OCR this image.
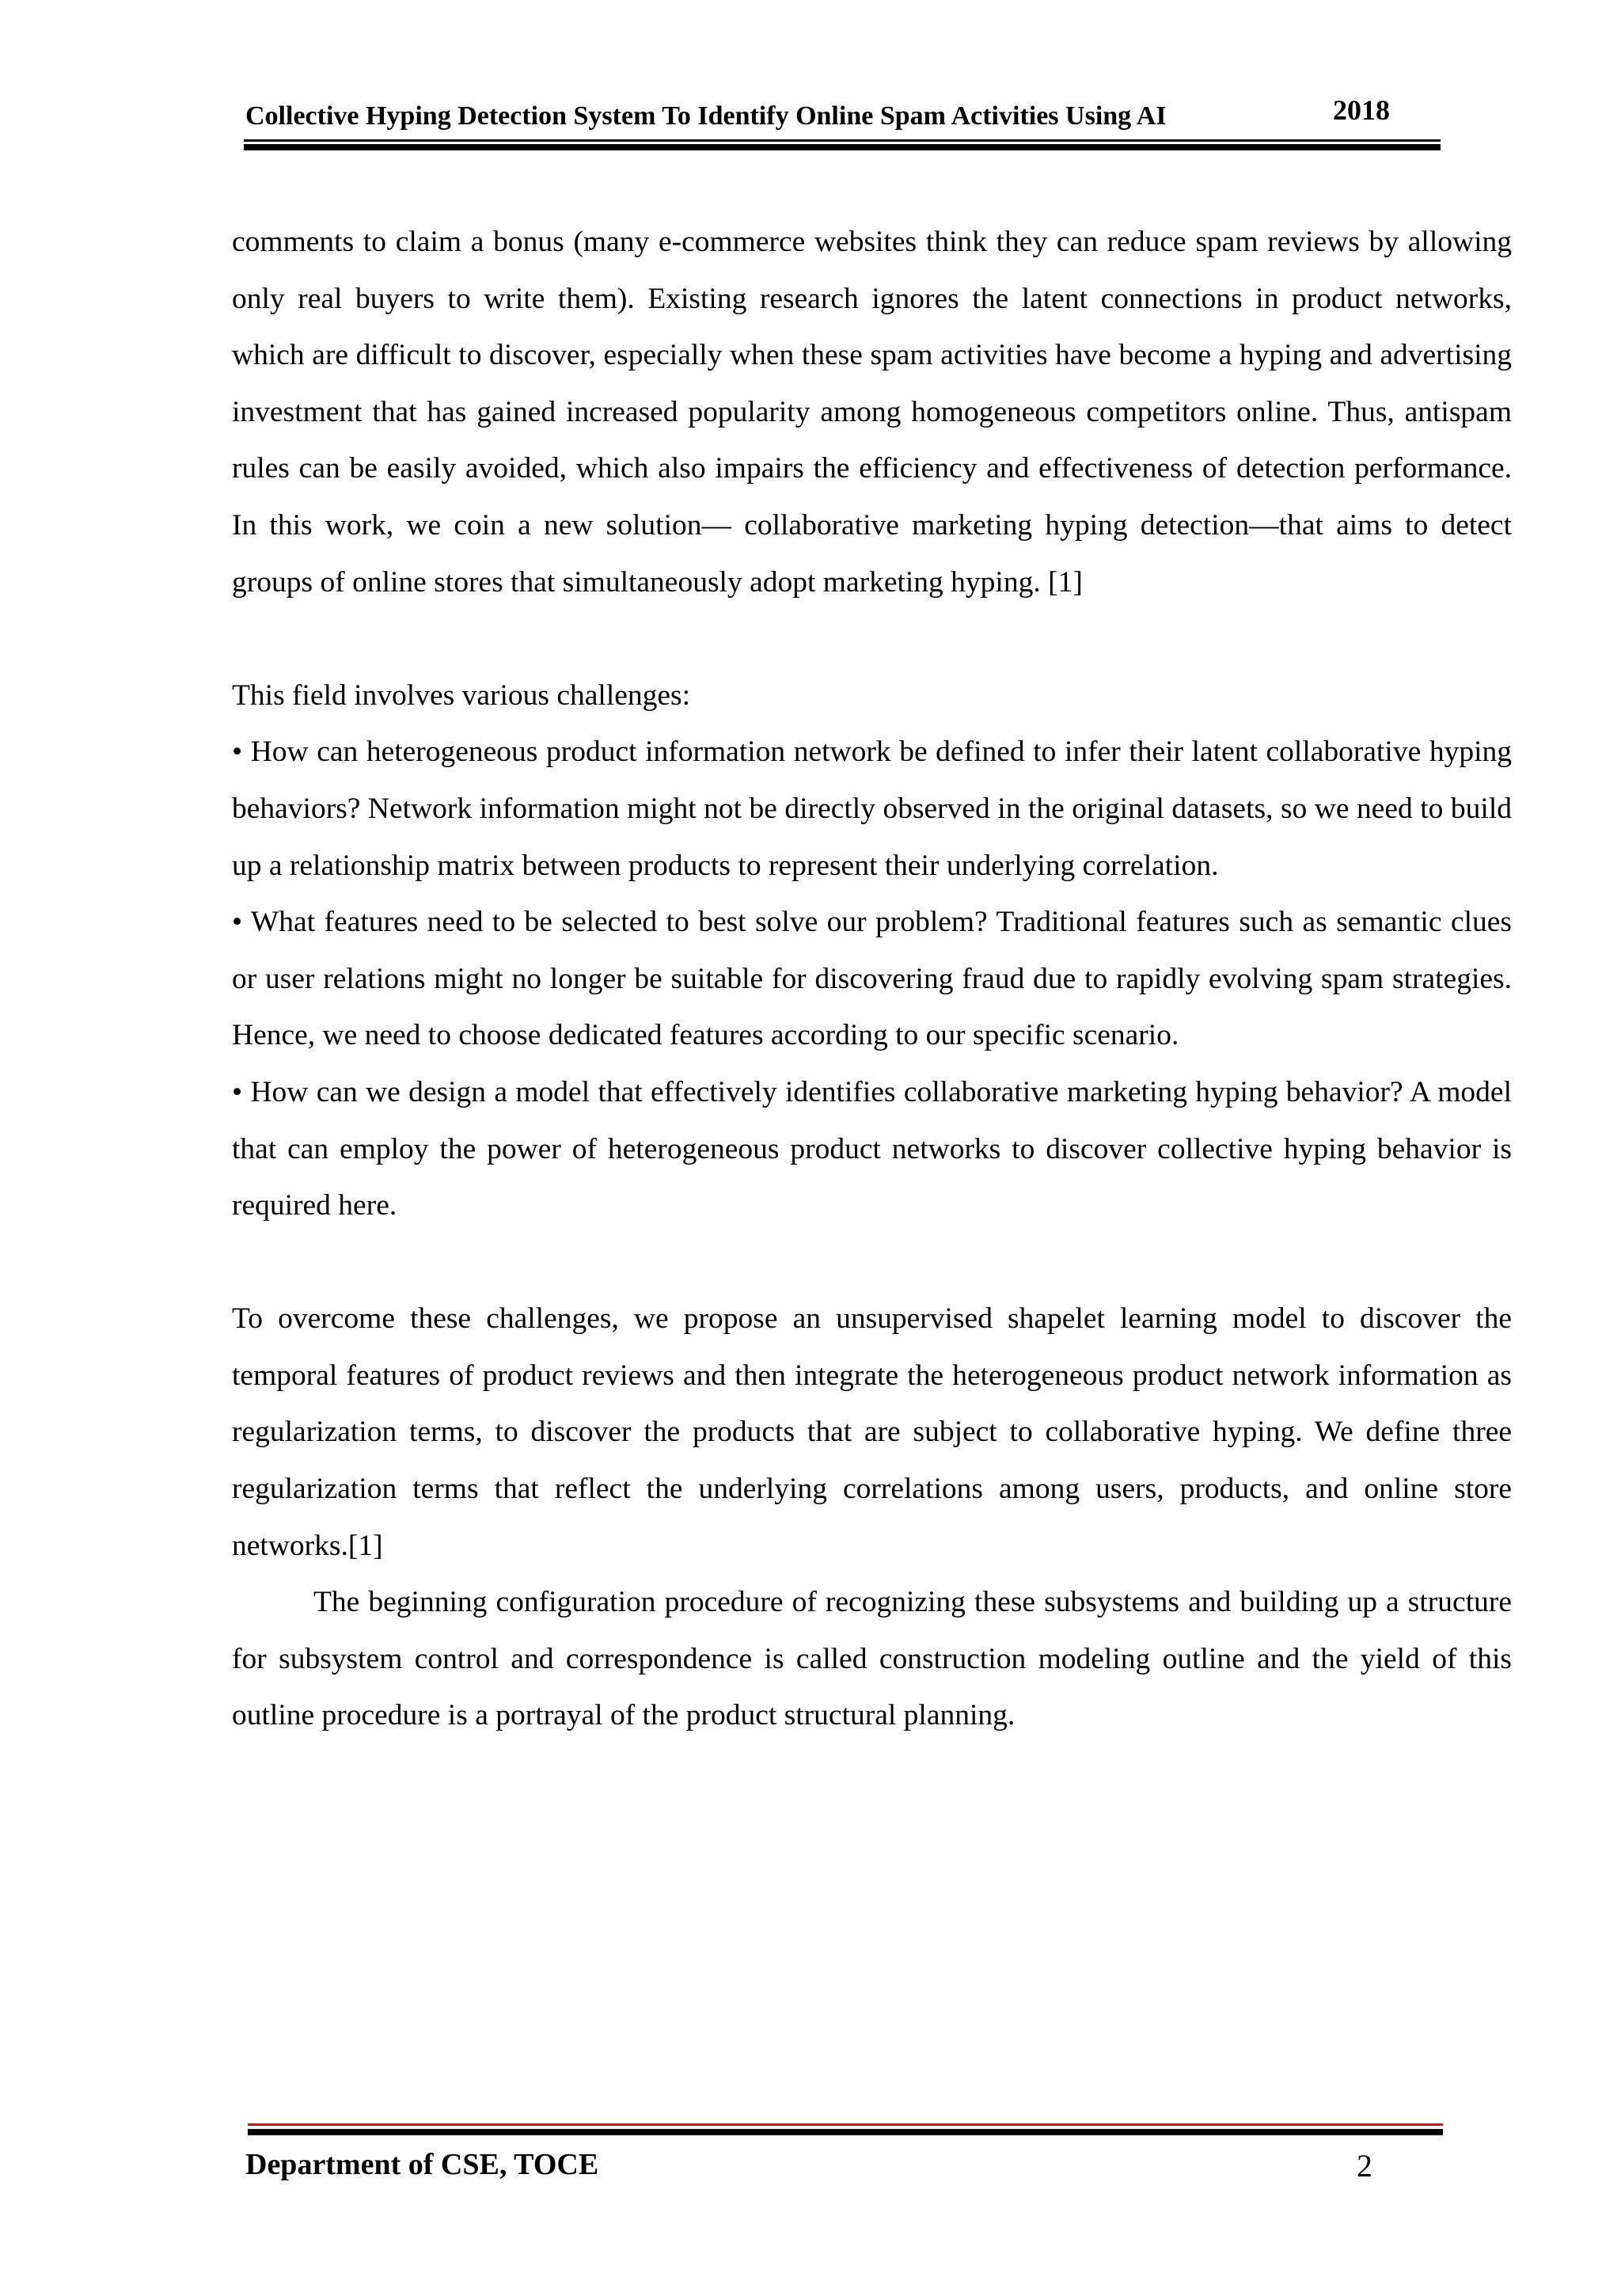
Collective Hyping Detection System To Identify Online Spam Activities Using AI	2018

comments to claim a bonus (many e-commerce websites think they can reduce spam reviews by allowing only real buyers to write them). Existing research ignores the latent connections in product networks, which are difficult to discover, especially when these spam activities have become a hyping and advertising investment that has gained increased popularity among homogeneous competitors online. Thus, antispam rules can be easily avoided, which also impairs the efficiency and effectiveness of detection performance. In this work, we coin a new solution— collaborative marketing hyping detection—that aims to detect groups of online stores that simultaneously adopt marketing hyping. [1]

This field involves various challenges:

• How can heterogeneous product information network be defined to infer their latent collaborative hyping behaviors? Network information might not be directly observed in the original datasets, so we need to build up a relationship matrix between products to represent their underlying correlation.

• What features need to be selected to best solve our problem? Traditional features such as semantic clues or user relations might no longer be suitable for discovering fraud due to rapidly evolving spam strategies. Hence, we need to choose dedicated features according to our specific scenario.

• How can we design a model that effectively identifies collaborative marketing hyping behavior? A model that can employ the power of heterogeneous product networks to discover collective hyping behavior is required here.

To overcome these challenges, we propose an unsupervised shapelet learning model to discover the temporal features of product reviews and then integrate the heterogeneous product network information as regularization terms, to discover the products that are subject to collaborative hyping. We define three regularization terms that reflect the underlying correlations among users, products, and online store networks.[1]

The beginning configuration procedure of recognizing these subsystems and building up a structure for subsystem control and correspondence is called construction modeling outline and the yield of this outline procedure is a portrayal of the product structural planning.

Department of CSE, TOCE	2
